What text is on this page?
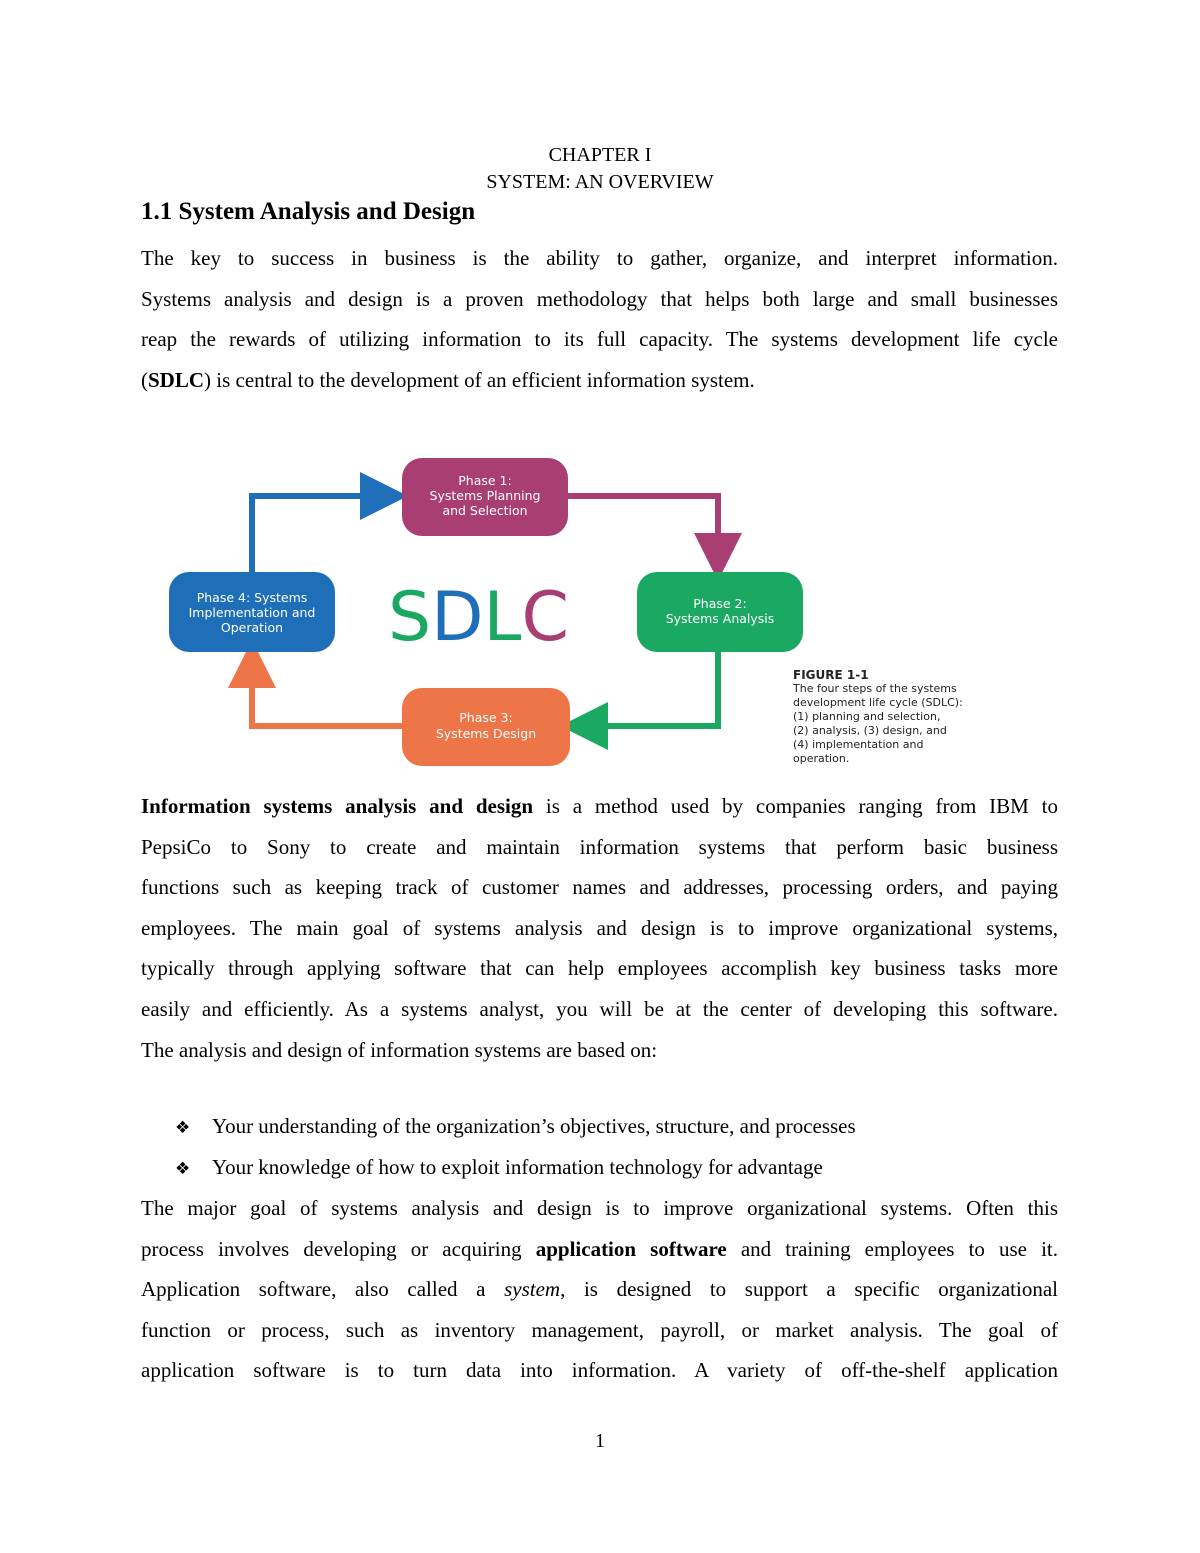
CHAPTER I
SYSTEM: AN OVERVIEW
1.1 System Analysis and Design
The key to success in business is the ability to gather, organize, and interpret information.
Systems analysis and design is a proven methodology that helps both large and small businesses
reap the rewards of utilizing information to its full capacity. The systems development life cycle
(SDLC) is central to the development of an efficient information system.
Phase 1:
Systems Planning
and Selection
Phase 2:
Systems Analysis
Phase 3:
Systems Design
Phase 4: Systems
Implementation and
Operation SDLC
FIGURE 1-1
The four steps of the systems
development life cycle (SDLC):
(1) planning and selection,
(2) analysis, (3) design, and
(4) implementation and
operation.
Information systems analysis and design is a method used by companies ranging from IBM to
PepsiCo to Sony to create and maintain information systems that perform basic business
functions such as keeping track of customer names and addresses, processing orders, and paying
employees. The main goal of systems analysis and design is to improve organizational systems,
typically through applying software that can help employees accomplish key business tasks more
easily and efficiently. As a systems analyst, you will be at the center of developing this software.
The analysis and design of information systems are based on:
❖ Your understanding of the organization’s objectives, structure, and processes
❖ Your knowledge of how to exploit information technology for advantage
The major goal of systems analysis and design is to improve organizational systems. Often this
process involves developing or acquiring application software and training employees to use it.
Application software, also called a system, is designed to support a specific organizational
function or process, such as inventory management, payroll, or market analysis. The goal of
application software is to turn data into information. A variety of off-the-shelf application
1
